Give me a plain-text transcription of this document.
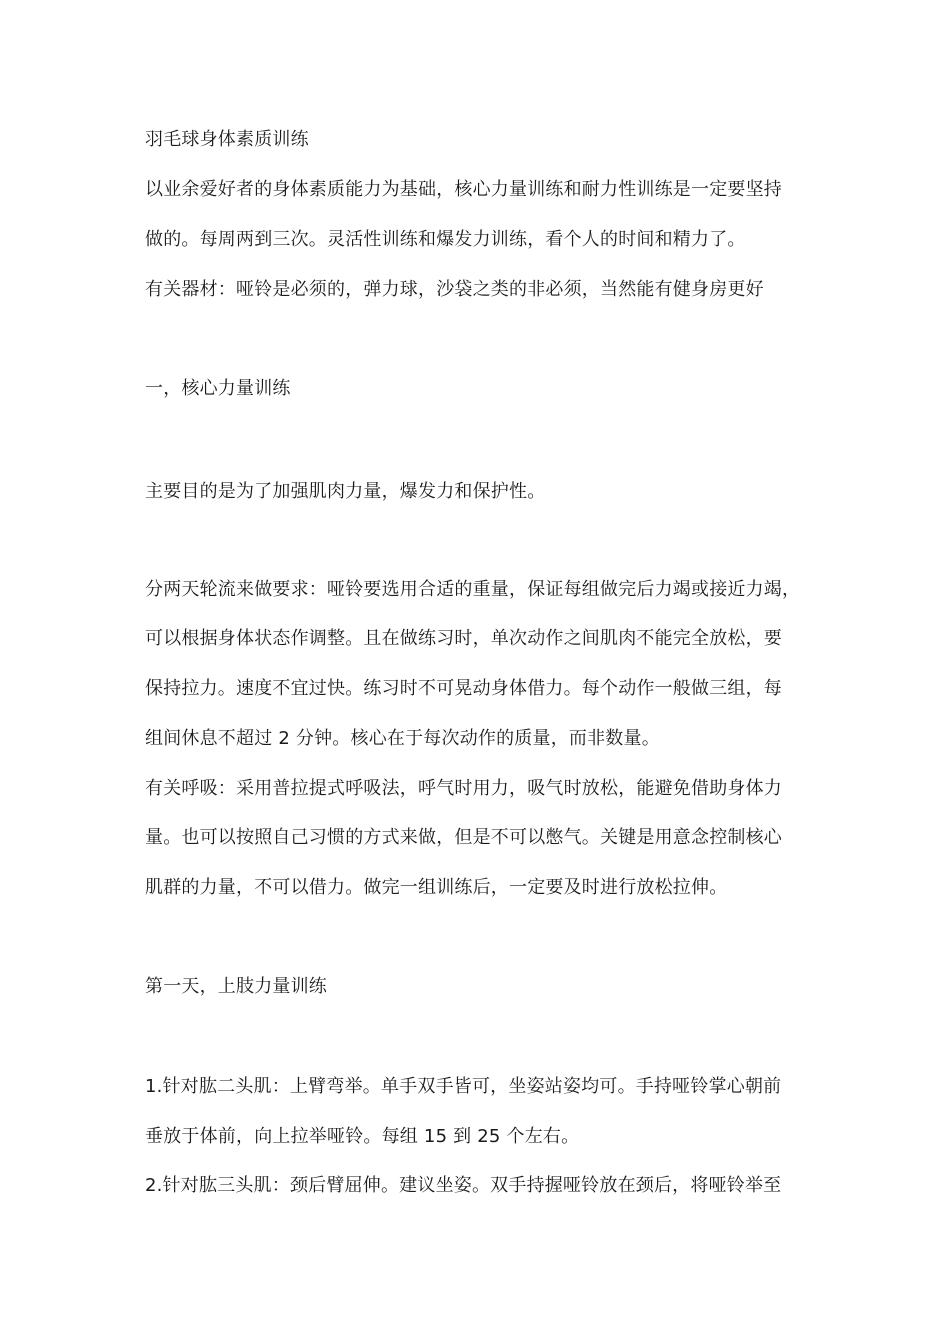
羽毛球身体素质训练
以业余爱好者的身体素质能力为基础，核心力量训练和耐力性训练是一定要坚持
做的。每周两到三次。灵活性训练和爆发力训练，看个人的时间和精力了。
有关器材：哑铃是必须的，弹力球，沙袋之类的非必须，当然能有健身房更好
一，核心力量训练
主要目的是为了加强肌肉力量，爆发力和保护性。
分两天轮流来做要求：哑铃要选用合适的重量，保证每组做完后力竭或接近力竭，
可以根据身体状态作调整。且在做练习时，单次动作之间肌肉不能完全放松，要
保持拉力。速度不宜过快。练习时不可晃动身体借力。每个动作一般做三组，每
组间休息不超过 2 分钟。核心在于每次动作的质量，而非数量。
有关呼吸：采用普拉提式呼吸法，呼气时用力，吸气时放松，能避免借助身体力
量。也可以按照自己习惯的方式来做，但是不可以憋气。关键是用意念控制核心
肌群的力量，不可以借力。做完一组训练后，一定要及时进行放松拉伸。
第一天，上肢力量训练
1.针对肱二头肌：上臂弯举。单手双手皆可，坐姿站姿均可。手持哑铃掌心朝前
垂放于体前，向上拉举哑铃。每组 15 到 25 个左右。
2.针对肱三头肌：颈后臂屈伸。建议坐姿。双手持握哑铃放在颈后，将哑铃举至
